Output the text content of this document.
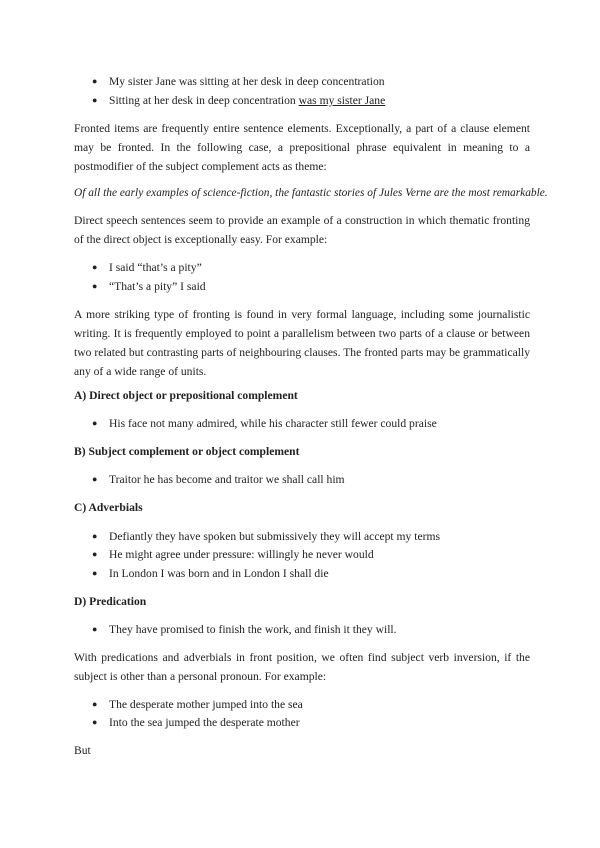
● My sister Jane was sitting at her desk in deep concentration
● Sitting at her desk in deep concentration was my sister Jane

Fronted items are frequently entire sentence elements. Exceptionally, a part of a clause element may be fronted. In the following case, a prepositional phrase equivalent in meaning to a postmodifier of the subject complement acts as theme:

Of all the early examples of science-fiction, the fantastic stories of Jules Verne are the most remarkable.

Direct speech sentences seem to provide an example of a construction in which thematic fronting of the direct object is exceptionally easy. For example:

● I said “that’s a pity”
● “That’s a pity” I said

A more striking type of fronting is found in very formal language, including some journalistic writing. It is frequently employed to point a parallelism between two parts of a clause or between two related but contrasting parts of neighbouring clauses. The fronted parts may be grammatically any of a wide range of units.

A) Direct object or prepositional complement

● His face not many admired, while his character still fewer could praise

B) Subject complement or object complement

● Traitor he has become and traitor we shall call him

C) Adverbials

● Defiantly they have spoken but submissively they will accept my terms
● He might agree under pressure: willingly he never would
● In London I was born and in London I shall die

D) Predication

● They have promised to finish the work, and finish it they will.

With predications and adverbials in front position, we often find subject verb inversion, if the subject is other than a personal pronoun. For example:

● The desperate mother jumped into the sea
● Into the sea jumped the desperate mother

But
